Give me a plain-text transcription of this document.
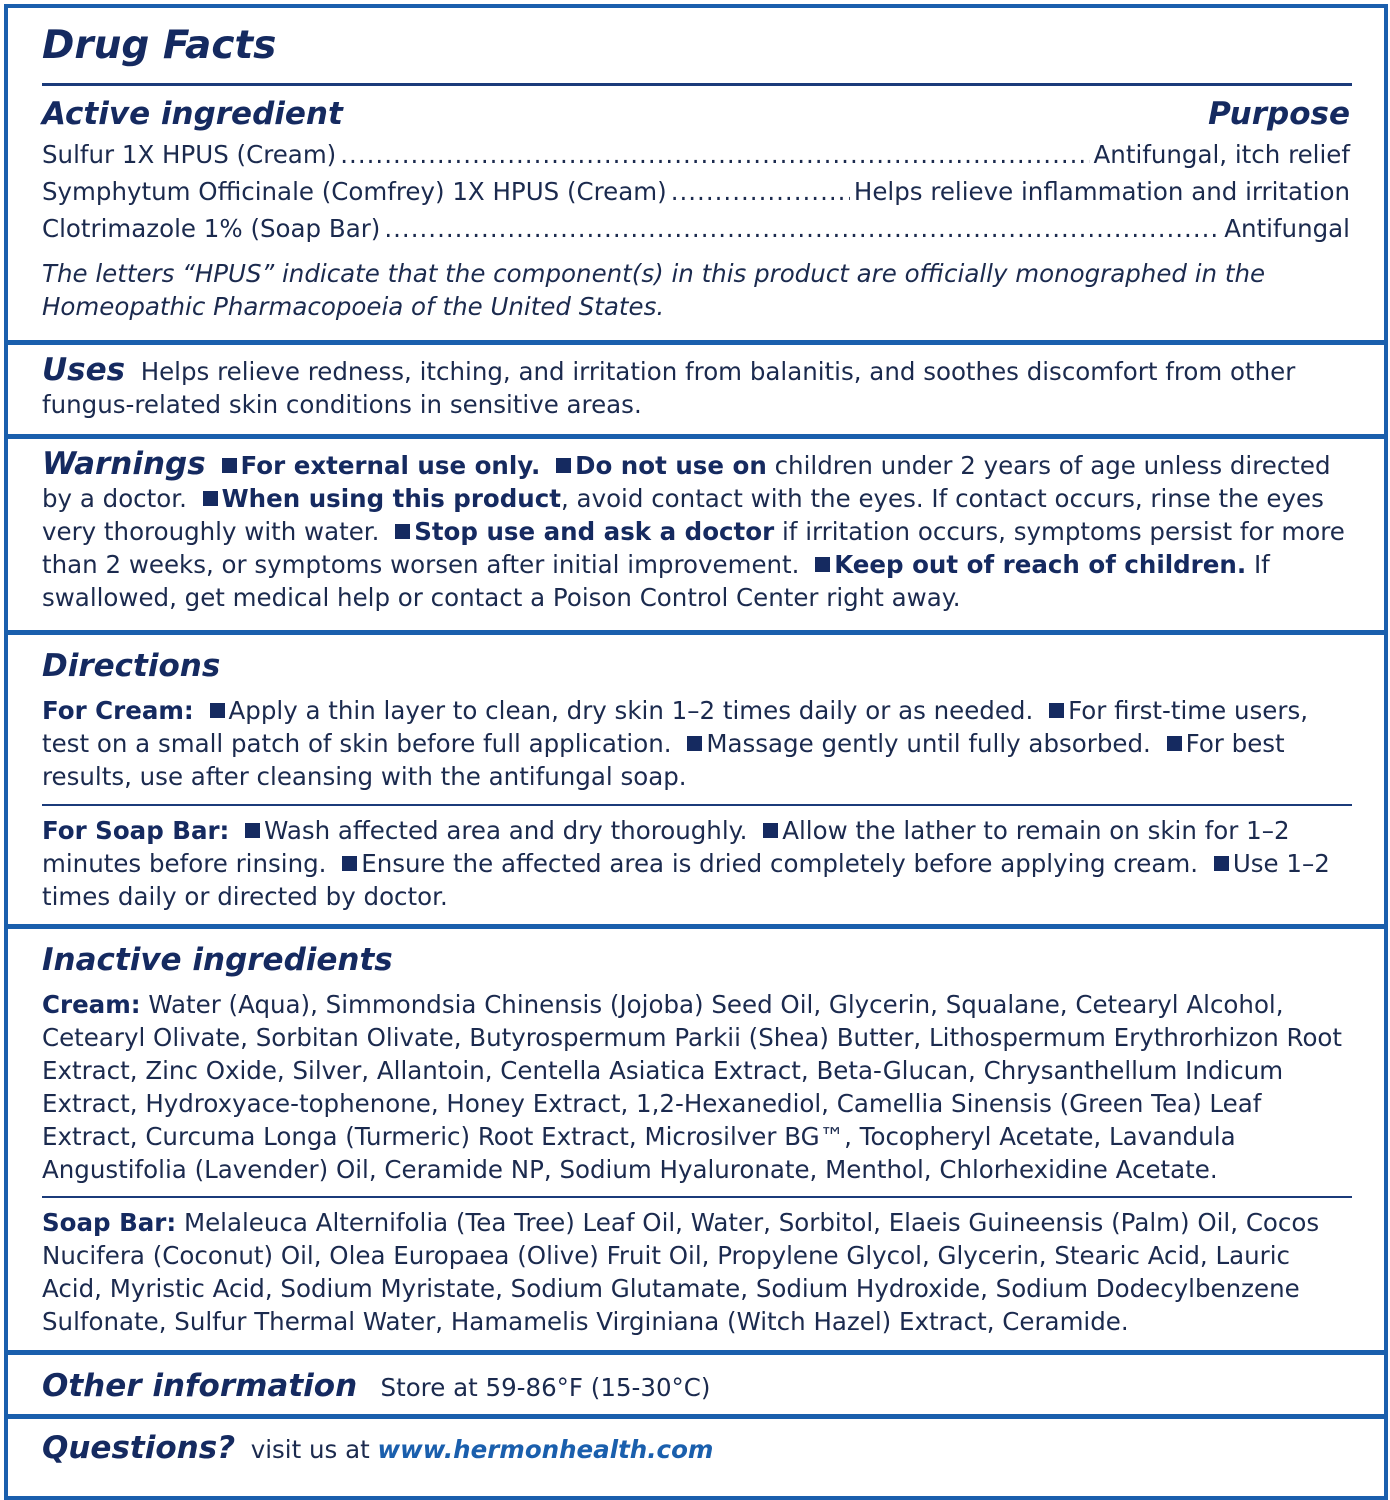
Drug Facts
Active ingredient	Purpose
Sulfur 1X HPUS (Cream) .....	Antifungal, itch relief
Symphytum Officinale (Comfrey) 1X HPUS (Cream) .....	Helps relieve inflammation and irritation
Clotrimazole 1% (Soap Bar) .....	Antifungal
The letters “HPUS” indicate that the component(s) in this product are officially monographed in the Homeopathic Pharmacopoeia of the United States.
Uses Helps relieve redness, itching, and irritation from balanitis, and soothes discomfort from other fungus-related skin conditions in sensitive areas.
Warnings For external use only. Do not use on children under 2 years of age unless directed by a doctor. When using this product, avoid contact with the eyes. If contact occurs, rinse the eyes very thoroughly with water. Stop use and ask a doctor if irritation occurs, symptoms persist for more than 2 weeks, or symptoms worsen after initial improvement. Keep out of reach of children. If swallowed, get medical help or contact a Poison Control Center right away.
Directions
For Cream: Apply a thin layer to clean, dry skin 1–2 times daily or as needed. For first-time users, test on a small patch of skin before full application. Massage gently until fully absorbed. For best results, use after cleansing with the antifungal soap.
For Soap Bar: Wash affected area and dry thoroughly. Allow the lather to remain on skin for 1–2 minutes before rinsing. Ensure the affected area is dried completely before applying cream. Use 1–2 times daily or directed by doctor.
Inactive ingredients
Cream: Water (Aqua), Simmondsia Chinensis (Jojoba) Seed Oil, Glycerin, Squalane, Cetearyl Alcohol, Cetearyl Olivate, Sorbitan Olivate, Butyrospermum Parkii (Shea) Butter, Lithospermum Erythrorhizon Root Extract, Zinc Oxide, Silver, Allantoin, Centella Asiatica Extract, Beta-Glucan, Chrysanthellum Indicum Extract, Hydroxyace-tophenone, Honey Extract, 1,2-Hexanediol, Camellia Sinensis (Green Tea) Leaf Extract, Curcuma Longa (Turmeric) Root Extract, Microsilver BG™, Tocopheryl Acetate, Lavandula Angustifolia (Lavender) Oil, Ceramide NP, Sodium Hyaluronate, Menthol, Chlorhexidine Acetate.
Soap Bar: Melaleuca Alternifolia (Tea Tree) Leaf Oil, Water, Sorbitol, Elaeis Guineensis (Palm) Oil, Cocos Nucifera (Coconut) Oil, Olea Europaea (Olive) Fruit Oil, Propylene Glycol, Glycerin, Stearic Acid, Lauric Acid, Myristic Acid, Sodium Myristate, Sodium Glutamate, Sodium Hydroxide, Sodium Dodecylbenzene Sulfonate, Sulfur Thermal Water, Hamamelis Virginiana (Witch Hazel) Extract, Ceramide.
Other information Store at 59-86°F (15-30°C)
Questions? visit us at www.hermonhealth.com
